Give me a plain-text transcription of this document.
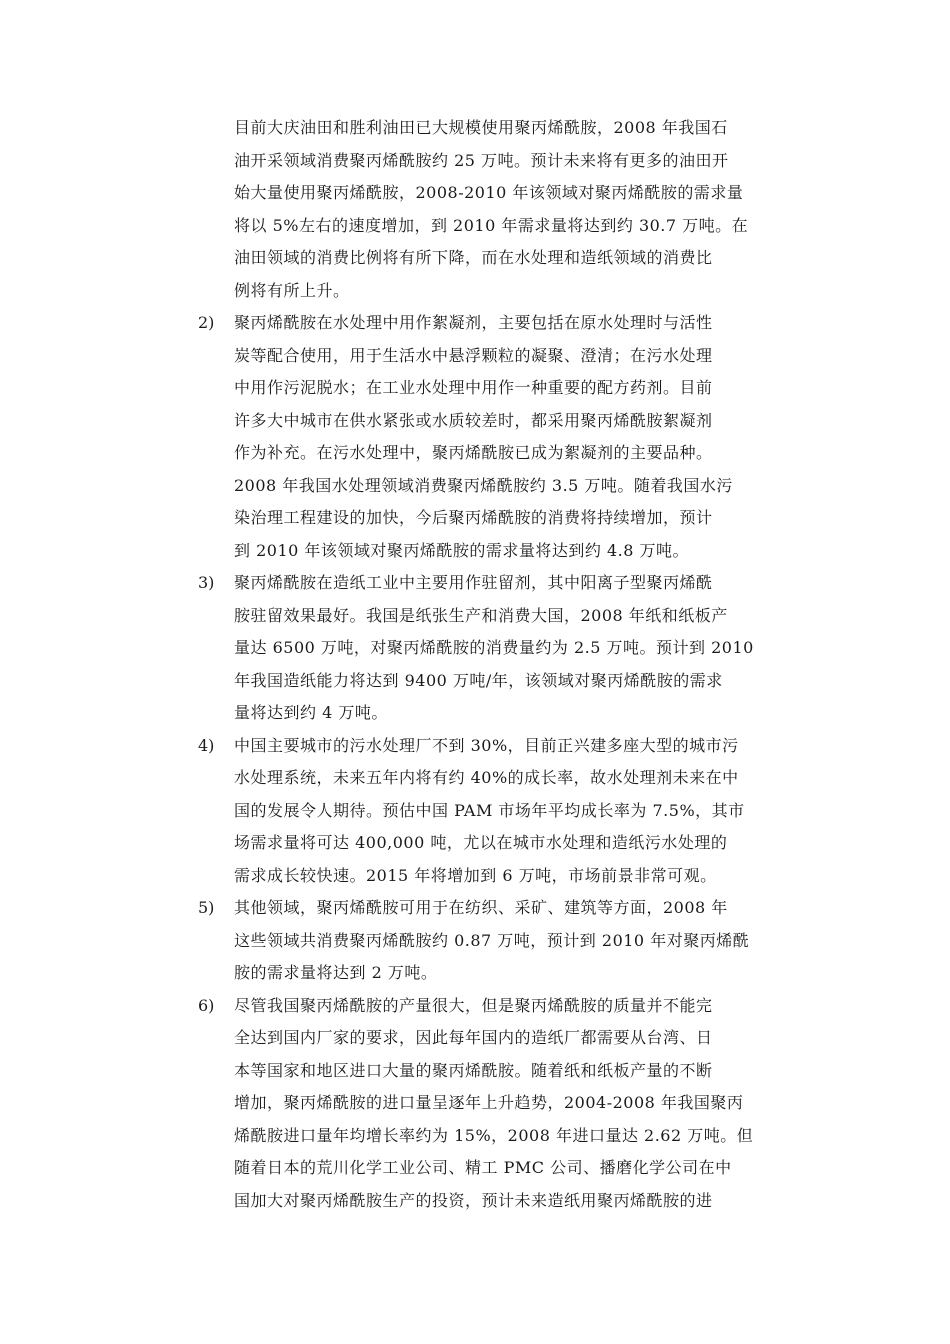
目前大庆油田和胜利油田已大规模使用聚丙烯酰胺，2008 年我国石
油开采领域消费聚丙烯酰胺约 25 万吨。预计未来将有更多的油田开
始大量使用聚丙烯酰胺，2008-2010 年该领域对聚丙烯酰胺的需求量
将以 5%左右的速度增加，到 2010 年需求量将达到约 30.7 万吨。在
油田领域的消费比例将有所下降，而在水处理和造纸领域的消费比
例将有所上升。
2) 聚丙烯酰胺在水处理中用作絮凝剂，主要包括在原水处理时与活性
炭等配合使用，用于生活水中悬浮颗粒的凝聚、澄清；在污水处理
中用作污泥脱水；在工业水处理中用作一种重要的配方药剂。目前
许多大中城市在供水紧张或水质较差时，都采用聚丙烯酰胺絮凝剂
作为补充。在污水处理中，聚丙烯酰胺已成为絮凝剂的主要品种。
2008 年我国水处理领域消费聚丙烯酰胺约 3.5 万吨。随着我国水污
染治理工程建设的加快，今后聚丙烯酰胺的消费将持续增加，预计
到 2010 年该领域对聚丙烯酰胺的需求量将达到约 4.8 万吨。
3) 聚丙烯酰胺在造纸工业中主要用作驻留剂，其中阳离子型聚丙烯酰
胺驻留效果最好。我国是纸张生产和消费大国，2008 年纸和纸板产
量达 6500 万吨，对聚丙烯酰胺的消费量约为 2.5 万吨。预计到 2010
年我国造纸能力将达到 9400 万吨/年，该领域对聚丙烯酰胺的需求
量将达到约 4 万吨。
4) 中国主要城市的污水处理厂不到 30%，目前正兴建多座大型的城市污
水处理系统，未来五年内将有约 40%的成长率，故水处理剂未来在中
国的发展令人期待。预估中国 PAM 市场年平均成长率为 7.5%，其市
场需求量将可达 400,000 吨，尤以在城市水处理和造纸污水处理的
需求成长较快速。2015 年将增加到 6 万吨，市场前景非常可观。
5) 其他领域，聚丙烯酰胺可用于在纺织、采矿、建筑等方面，2008 年
这些领域共消费聚丙烯酰胺约 0.87 万吨，预计到 2010 年对聚丙烯酰
胺的需求量将达到 2 万吨。
6) 尽管我国聚丙烯酰胺的产量很大，但是聚丙烯酰胺的质量并不能完
全达到国内厂家的要求，因此每年国内的造纸厂都需要从台湾、日
本等国家和地区进口大量的聚丙烯酰胺。随着纸和纸板产量的不断
增加，聚丙烯酰胺的进口量呈逐年上升趋势，2004-2008 年我国聚丙
烯酰胺进口量年均增长率约为 15%，2008 年进口量达 2.62 万吨。但
随着日本的荒川化学工业公司、精工 PMC 公司、播磨化学公司在中
国加大对聚丙烯酰胺生产的投资，预计未来造纸用聚丙烯酰胺的进
